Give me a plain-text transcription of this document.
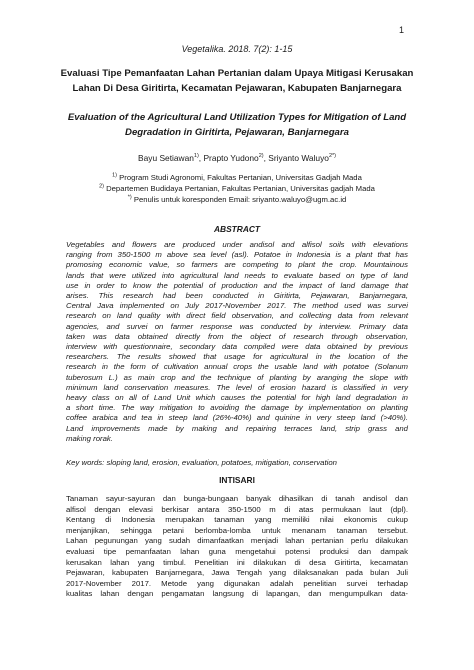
1
Vegetalika. 2018. 7(2): 1-15
Evaluasi Tipe Pemanfaatan Lahan Pertanian dalam Upaya Mitigasi Kerusakan
Lahan Di Desa Giritirta, Kecamatan Pejawaran, Kabupaten Banjarnegara
Evaluation of the Agricultural Land Utilization Types for Mitigation of Land
Degradation in Giritirta, Pejawaran, Banjarnegara
Bayu Setiawan$^{1)}$, Prapto Yudono$^{2)}$, Sriyanto Waluyo$^{2*)}$
$^{1)}$ Program Studi Agronomi, Fakultas Pertanian, Universitas Gadjah Mada
$^{2)}$ Departemen Budidaya Pertanian, Fakultas Pertanian, Universitas gadjah Mada
*) Penulis untuk koresponden Email: sriyanto.waluyo@ugm.ac.id
ABSTRACT
Vegetables and flowers are produced under andisol and alfisol soils with elevations
ranging from 350-1500 m above sea level (asl). Potatoe in Indonesia is a plant that has
promosing economic value, so farmers are competing to plant the crop. Mountainous
lands that were utilized into agricultural land needs to evaluate based on type of land
use in order to know the potential of production and the impact of land damage that
arises. This research had been conducted in Giritirta, Pejawaran, Banjarnegara,
Central Java implemented on July 2017-November 2017. The method used was survei
research on land quality with direct field observation, and collecting data from relevant
agencies, and survei on farmer response was conducted by interview. Primary data
taken was data obtained directly from the object of research through observation,
interview with questionnaire, secondary data compiled were data obtained by previous
researchers. The results showed that usage for agricultural in the location of the
research in the form of cultivation annual crops the usable land with potatoe (Solanum
tuberosum L.) as main crop and the technique of planting by aranging the slope with
minimum land conservation measures. The level of erosion hazard is classified in very
heavy class on all of Land Unit which causes the potential for high land degradation in
a short time. The way mitigation to avoiding the damage by implementation on planting
coffee arabica and tea in steep land (26%-40%) and quinine in very steep land (>40%).
Land improvements made by making and repairing terraces land, strip grass and
making rorak.
Key words: sloping land, erosion, evaluation, potatoes, mitigation, conservation
INTISARI
Tanaman sayur-sayuran dan bunga-bungaan banyak dihasilkan di tanah andisol dan
alfisol dengan elevasi berkisar antara 350-1500 m di atas permukaan laut (dpl).
Kentang di Indonesia merupakan tanaman yang memiliki nilai ekonomis cukup
menjanjikan, sehingga petani berlomba-lomba untuk menanam tanaman tersebut.
Lahan pegunungan yang sudah dimanfaatkan menjadi lahan pertanian perlu dilakukan
evaluasi tipe pemanfaatan lahan guna mengetahui potensi produksi dan dampak
kerusakan lahan yang timbul. Penelitian ini dilakukan di desa Giritirta, kecamatan
Pejawaran, kabupaten Banjarnegara, Jawa Tengah yang dilaksanakan pada bulan Juli
2017-November 2017. Metode yang digunakan adalah penelitian survei terhadap
kualitas lahan dengan pengamatan langsung di lapangan, dan mengumpulkan data-
